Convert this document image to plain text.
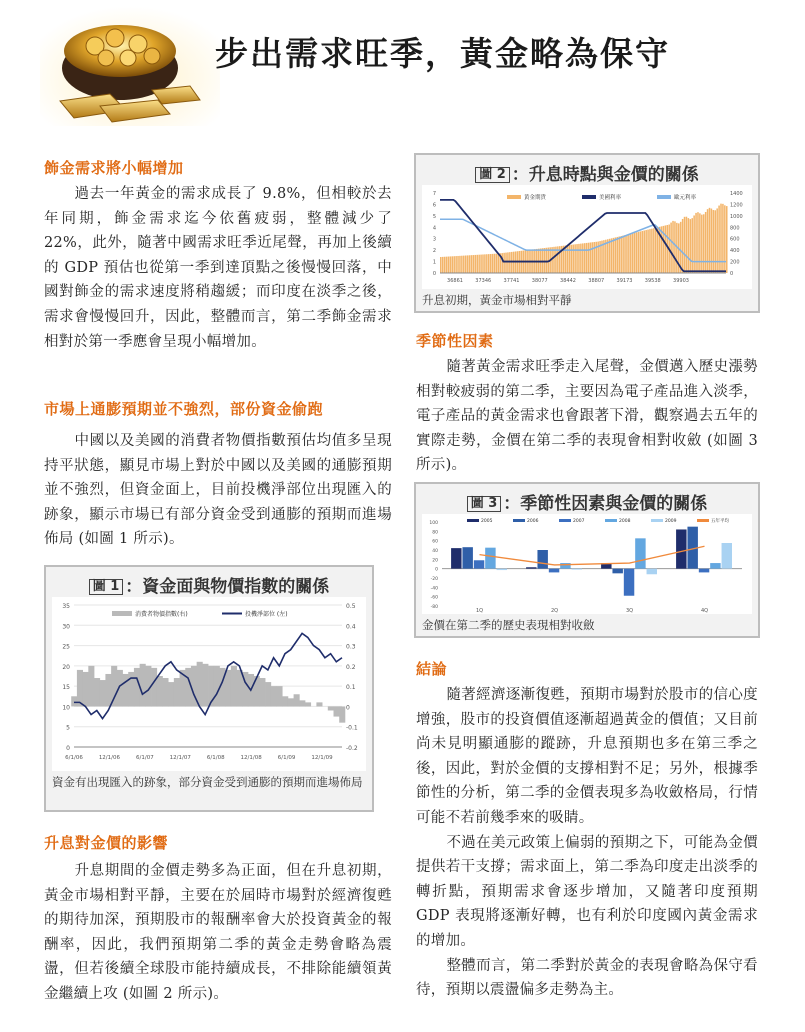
步出需求旺季，黃金略為保守
飾金需求將小幅增加

過去一年黃金的需求成長了 9.8%，但相較於去年同期，飾金需求迄今依舊疲弱，整體減少了 22%，此外，隨著中國需求旺季近尾聲，再加上後續的 GDP 預估也從第一季到達頂點之後慢慢回落，中國對飾金的需求速度將稍趨緩；而印度在淡季之後，需求會慢慢回升，因此，整體而言，第二季飾金需求相對於第一季應會呈現小幅增加。

市場上通膨預期並不強烈，部份資金偷跑

中國以及美國的消費者物價指數預估均值多呈現持平狀態，顯見市場上對於中國以及美國的通膨預期並不強烈，但資金面上，目前投機淨部位出現匯入的跡象，顯示市場已有部分資金受到通膨的預期而進場佈局 (如圖 1 所示)。

圖 1 ：資金面與物價指數的關係
0
5
10
15
20
25
30
35
-0.2
-0.1
0
0.1
0.2
0.3
0.4
0.5
6/1/06	12/1/06	6/1/07	12/1/07	6/1/08	12/1/08	6/1/09	12/1/09
消費者物價指數(右)	投機淨部位 (左)
資金有出現匯入的跡象，部分資金受到通膨的預期而進場佈局
升息對金價的影響

升息期間的金價走勢多為正面，但在升息初期，黃金市場相對平靜，主要在於屆時市場對於經濟復甦的期待加深，預期股市的報酬率會大於投資黃金的報酬率，因此，我們預期第二季的黃金走勢會略為震盪，但若後續全球股市能持續成長，不排除能續領黃金繼續上攻 (如圖 2 所示)。

圖 2 ：升息時點與金價的關係
0
1
2
3
4
5
6
7
0
200
400
600
800
1000
1200
1400
36861 37346 37741 38077 38442 38807 39173 39538 39903
黃金期貨	美國利率	歐元利率
升息初期，黃金市場相對平靜
季節性因素

隨著黃金需求旺季走入尾聲，金價邁入歷史漲勢相對較疲弱的第二季，主要因為電子產品進入淡季，電子產品的黃金需求也會跟著下滑，觀察過去五年的實際走勢，金價在第二季的表現會相對收斂 (如圖 3 所示)。

圖 3 ：季節性因素與金價的關係
100
80
60
40
20
0
-20
-40
-60
-80
1Q	2Q	3Q	4Q
2005	2006	2007	2008	2009	五年平均
金價在第二季的歷史表現相對收斂
結論

隨著經濟逐漸復甦，預期市場對於股市的信心度增強，股市的投資價值逐漸超過黃金的價值；又目前尚未見明顯通膨的蹤跡，升息預期也多在第三季之後，因此，對於金價的支撐相對不足；另外，根據季節性的分析，第二季的金價表現多為收斂格局，行情可能不若前幾季來的吸睛。

不過在美元政策上偏弱的預期之下，可能為金價提供若干支撐；需求面上，第二季為印度走出淡季的轉折點，預期需求會逐步增加，又隨著印度預期 GDP 表現將逐漸好轉，也有利於印度國內黃金需求的增加。

整體而言，第二季對於黃金的表現會略為保守看待，預期以震盪偏多走勢為主。
